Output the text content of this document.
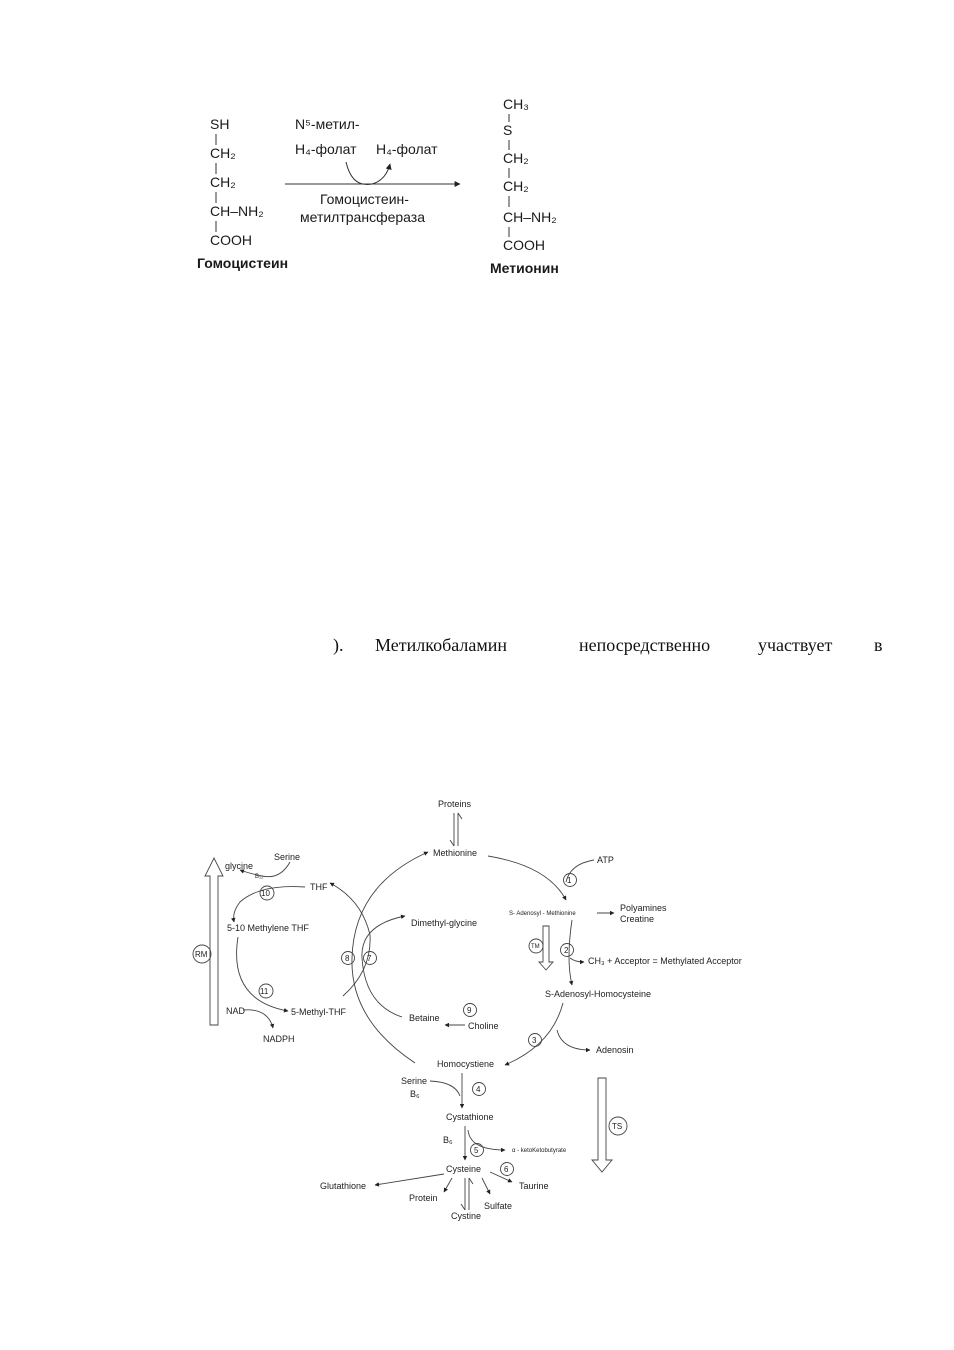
SH
CH₂
CH₂
CH–NH₂
COOH
Гомоцистеин
N⁵-метил-
H₄-фолат H₄-фолат
Гомоцистеин-
метилтрансфераза
CH₃
S
CH₂
CH₂
CH–NH₂
COOH
Метионин
). Метилкобаламин	непосредственно	участвует в
Proteins
Methionine
ATP
1
S- Adenosyl - Methionine
Polyamines
Creatine
TM	2
CH₃ + Acceptor = Methylated Acceptor
S-Adenosyl-Homocysteine
3
Adenosin
Homocystiene
TS
Serine
B₆	4
Cystathione
B₆
5	α - ketoKetobutyrate
Cysteine
Glutathione
Protein
Cystine
Sulfate
Taurine
6
Dimethyl-glycine
Betaine
Choline
9
8 7
THF
Serine
glycine
B₁₂
10
5-10 Methylene THF
NAD
11
NADPH
5-Methyl-THF
RM
